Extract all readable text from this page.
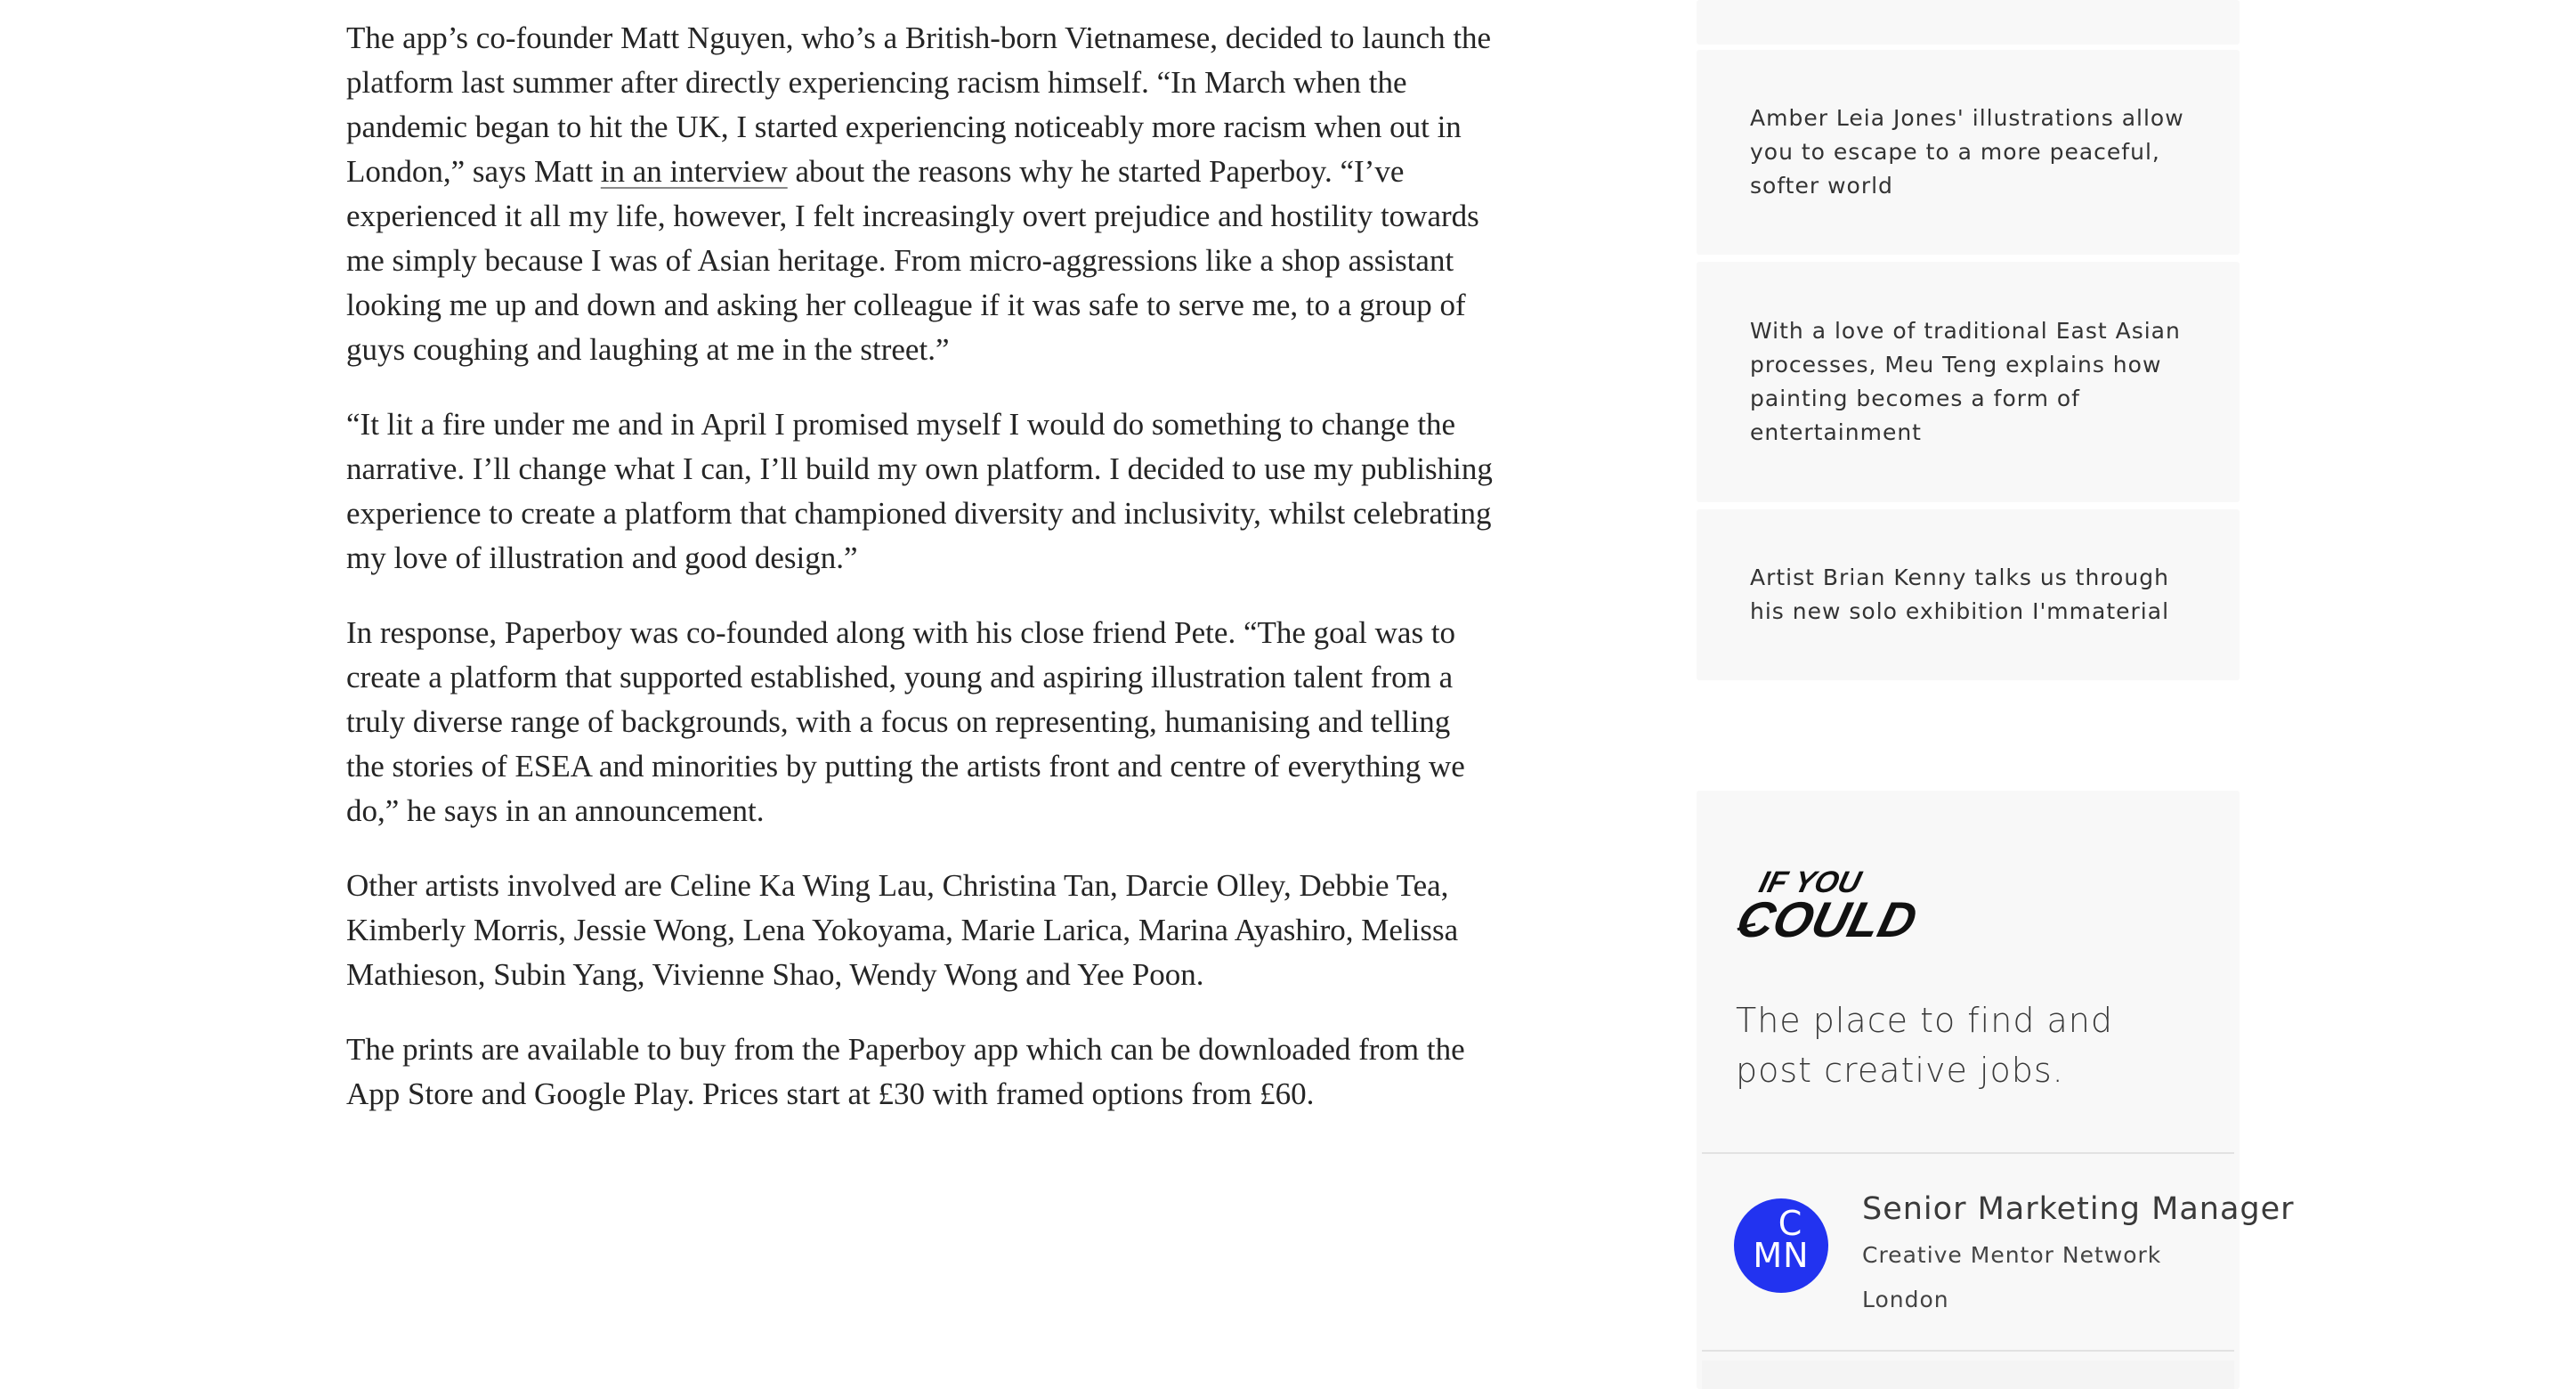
The app’s co-founder Matt Nguyen, who’s a British-born Vietnamese, decided to launch the platform last summer after directly experiencing racism himself. “In March when the pandemic began to hit the UK, I started experiencing noticeably more racism when out in London,” says Matt in an interview about the reasons why he started Paperboy. “I’ve experienced it all my life, however, I felt increasingly overt prejudice and hostility towards me simply because I was of Asian heritage. From micro-aggressions like a shop assistant looking me up and down and asking her colleague if it was safe to serve me, to a group of guys coughing and laughing at me in the street.”

“It lit a fire under me and in April I promised myself I would do something to change the narrative. I’ll change what I can, I’ll build my own platform. I decided to use my publishing experience to create a platform that championed diversity and inclusivity, whilst celebrating my love of illustration and good design.”

In response, Paperboy was co-founded along with his close friend Pete. “The goal was to create a platform that supported established, young and aspiring illustration talent from a truly diverse range of backgrounds, with a focus on representing, humanising and telling the stories of ESEA and minorities by putting the artists front and centre of everything we do,” he says in an announcement.

Other artists involved are Celine Ka Wing Lau, Christina Tan, Darcie Olley, Debbie Tea, Kimberly Morris, Jessie Wong, Lena Yokoyama, Marie Larica, Marina Ayashiro, Melissa Mathieson, Subin Yang, Vivienne Shao, Wendy Wong and Yee Poon.

The prints are available to buy from the Paperboy app which can be downloaded from the App Store and Google Play. Prices start at £30 with framed options from £60.

Amber Leia Jones' illustrations allow you to escape to a more peaceful, softer world
With a love of traditional East Asian processes, Meu Teng explains how painting becomes a form of entertainment
Artist Brian Kenny talks us through his new solo exhibition I'mmaterial
IF YOU
COULD
The place to find and post creative jobs.
C
MN
Senior Marketing Manager
Creative Mentor Network
London
